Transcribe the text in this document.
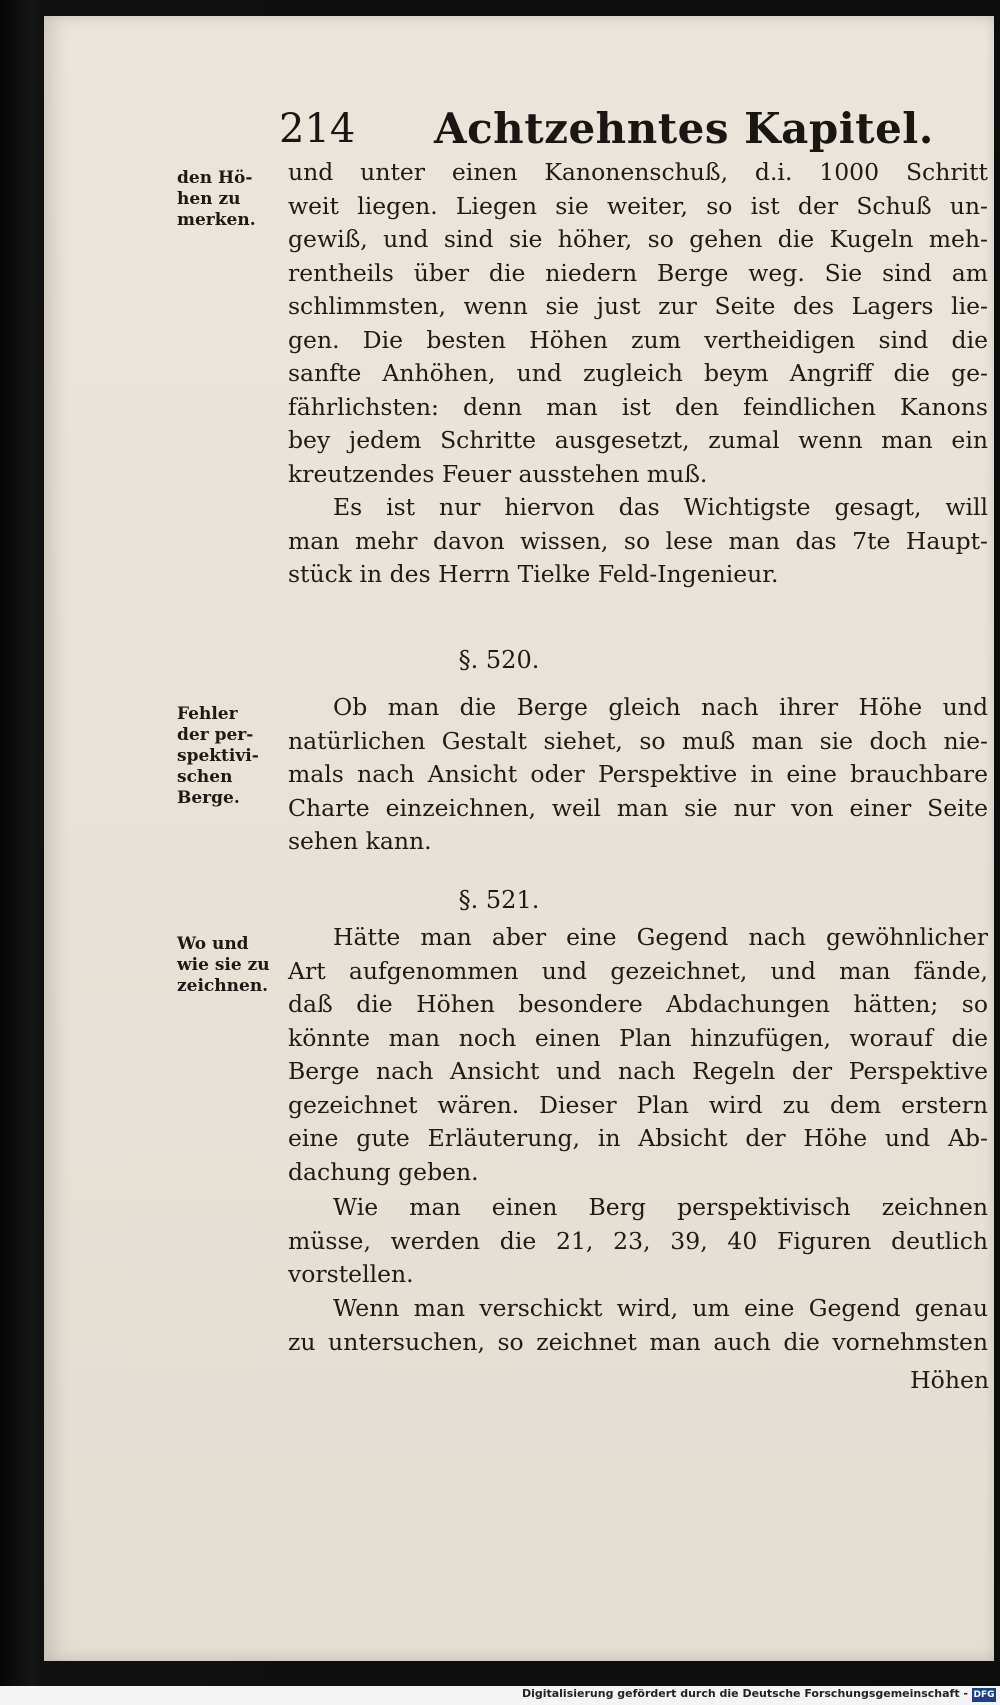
214 Achtzehntes Kapitel.
den Hö-
hen zu
merken.
Fehler
der per-
spektivi-
schen
Berge.
Wo und
wie sie zu
zeichnen.
und unter einen Kanonenschuß, d.i. 1000 Schritt
weit liegen. Liegen sie weiter, so ist der Schuß un-
gewiß, und sind sie höher, so gehen die Kugeln meh-
rentheils über die niedern Berge weg. Sie sind am
schlimmsten, wenn sie just zur Seite des Lagers lie-
gen. Die besten Höhen zum vertheidigen sind die
sanfte Anhöhen, und zugleich beym Angriff die ge-
fährlichsten: denn man ist den feindlichen Kanons
bey jedem Schritte ausgesetzt, zumal wenn man ein
kreutzendes Feuer ausstehen muß.
Es ist nur hiervon das Wichtigste gesagt, will
man mehr davon wissen, so lese man das 7te Haupt-
stück in des Herrn Tielke Feld-Ingenieur.
§. 520.
Ob man die Berge gleich nach ihrer Höhe und
natürlichen Gestalt siehet, so muß man sie doch nie-
mals nach Ansicht oder Perspektive in eine brauchbare
Charte einzeichnen, weil man sie nur von einer Seite
sehen kann.
§. 521.
Hätte man aber eine Gegend nach gewöhnlicher
Art aufgenommen und gezeichnet, und man fände,
daß die Höhen besondere Abdachungen hätten; so
könnte man noch einen Plan hinzufügen, worauf die
Berge nach Ansicht und nach Regeln der Perspektive
gezeichnet wären. Dieser Plan wird zu dem erstern
eine gute Erläuterung, in Absicht der Höhe und Ab-
dachung geben.
Wie man einen Berg perspektivisch zeichnen
müsse, werden die 21, 23, 39, 40 Figuren deutlich
vorstellen.
Wenn man verschickt wird, um eine Gegend genau
zu untersuchen, so zeichnet man auch die vornehmsten
Höhen
Digitalisierung gefördert durch die Deutsche Forschungsgemeinschaft - DFG
